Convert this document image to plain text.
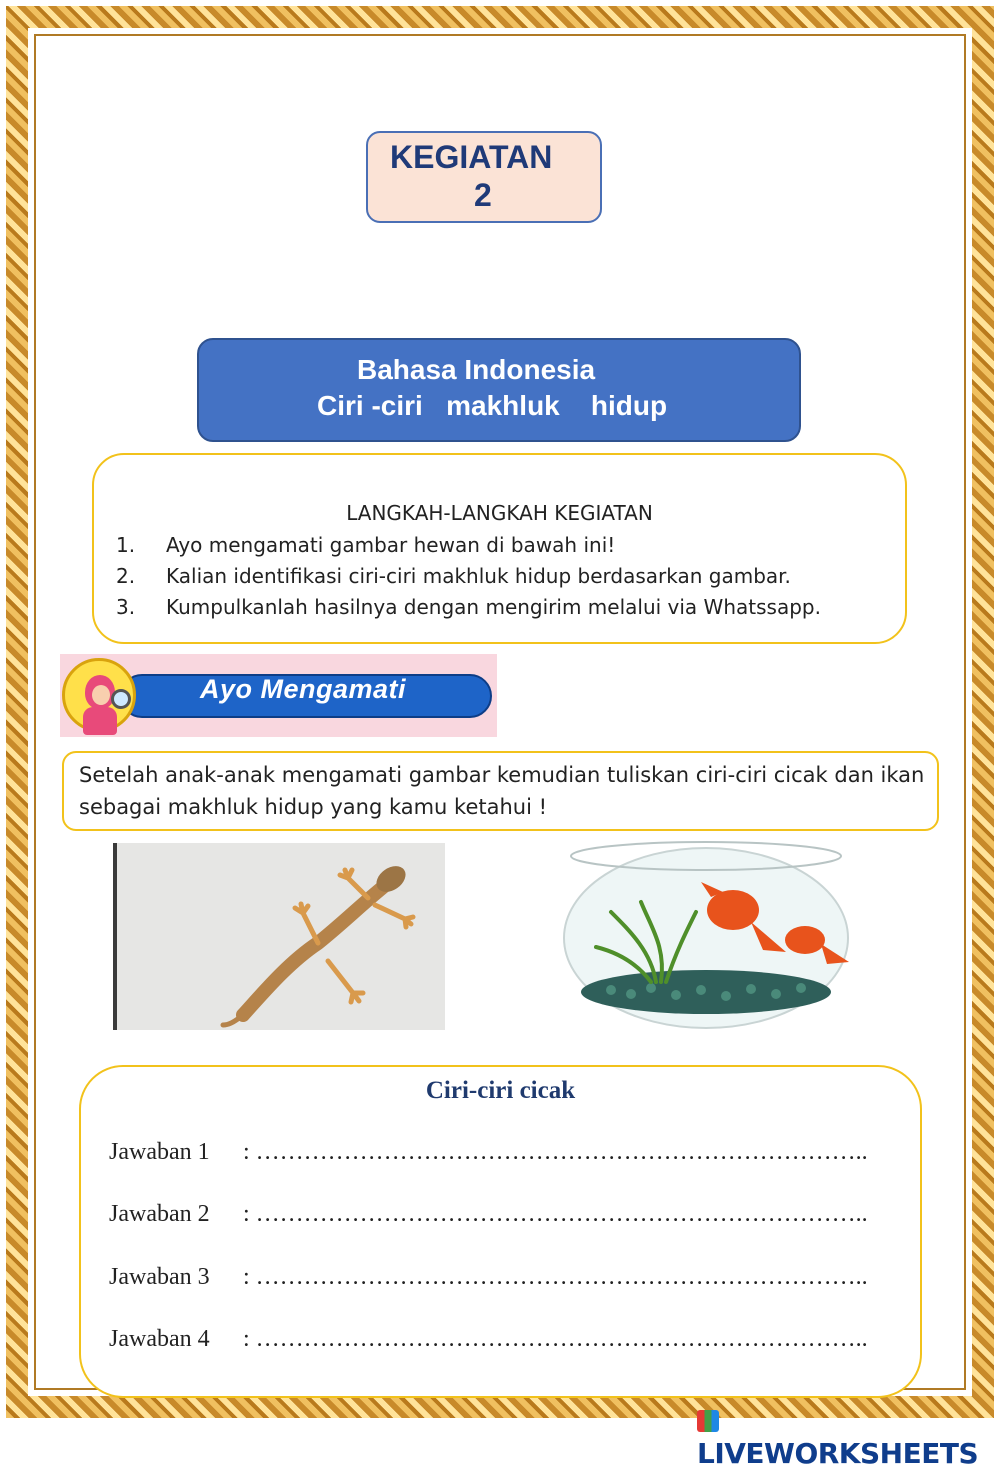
KEGIATAN
2
Bahasa Indonesia
Ciri -ciri   makhluk    hidup
LANGKAH-LANGKAH KEGIATAN
1. Ayo mengamati gambar hewan di bawah ini!
2. Kalian identifikasi ciri-ciri makhluk hidup berdasarkan gambar.
3. Kumpulkanlah hasilnya dengan mengirim melalui via Whatssapp.
Ayo Mengamati
Setelah anak-anak mengamati gambar kemudian tuliskan ciri-ciri cicak dan ikan
sebagai makhluk hidup yang kamu ketahui !
Ciri-ciri cicak
Jawaban 1 : …………………………………………………………………..
Jawaban 2 : …………………………………………………………………..
Jawaban 3 : …………………………………………………………………..
Jawaban 4 : …………………………………………………………………..
LIVEWORKSHEETS
